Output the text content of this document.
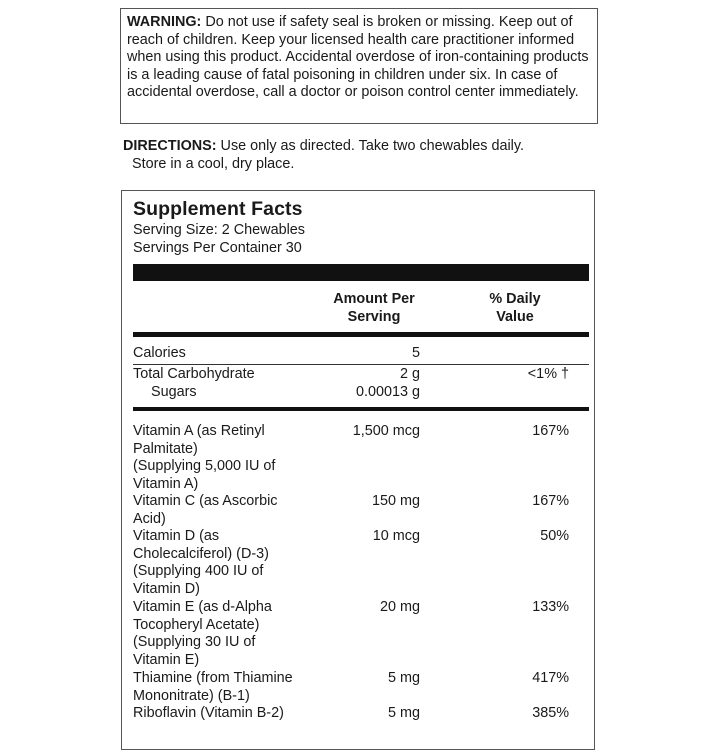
WARNING: Do not use if safety seal is broken or missing. Keep out of reach of children. Keep your licensed health care practitioner informed when using this product. Accidental overdose of iron-containing products is a leading cause of fatal poisoning in children under six. In case of accidental overdose, call a doctor or poison control center immediately.
DIRECTIONS: Use only as directed. Take two chewables daily.
Store in a cool, dry place.
Supplement Facts
Serving Size: 2 Chewables
Servings Per Container 30
Amount Per
Serving
% Daily
Value
Calories	5
Total Carbohydrate	2 g	<1% †
Sugars	0.00013 g
Vitamin A (as Retinyl
Palmitate)
(Supplying 5,000 IU of
Vitamin A)
1,500 mcg	167%
Vitamin C (as Ascorbic
Acid)
150 mg	167%
Vitamin D (as
Cholecalciferol) (D-3)
(Supplying 400 IU of
Vitamin D)
10 mcg	50%
Vitamin E (as d-Alpha
Tocopheryl Acetate)
(Supplying 30 IU of
Vitamin E)
20 mg	133%
Thiamine (from Thiamine
Mononitrate) (B-1)
5 mg	417%
Riboflavin (Vitamin B-2)	5 mg	385%
